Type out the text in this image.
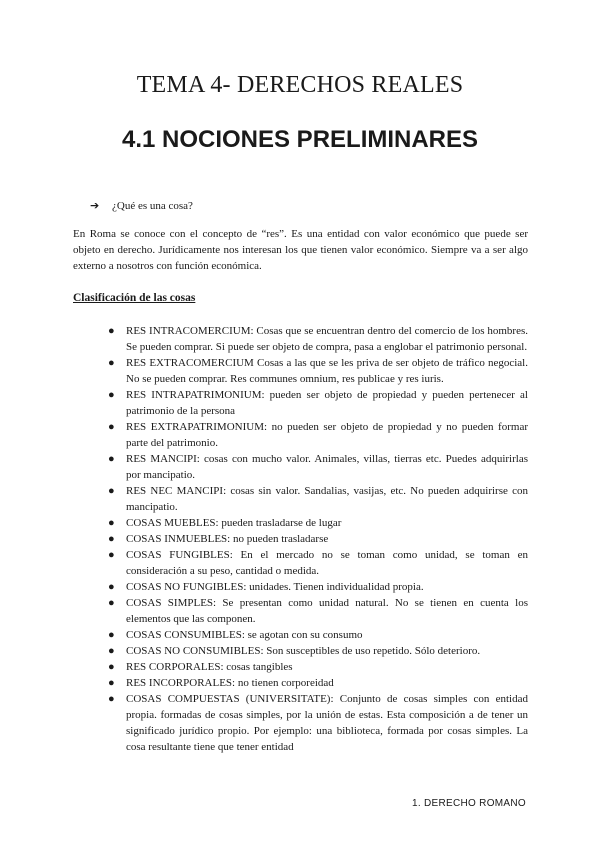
TEMA 4- DERECHOS REALES
4.1 NOCIONES PRELIMINARES
➔ ¿Qué es una cosa?
En Roma se conoce con el concepto de “res”. Es una entidad con valor económico que puede ser objeto en derecho. Jurídicamente nos interesan los que tienen valor económico. Siempre va a ser algo externo a nosotros con función económica.
Clasificación de las cosas
● RES INTRACOMERCIUM: Cosas que se encuentran dentro del comercio de los hombres. Se pueden comprar. Si puede ser objeto de compra, pasa a englobar el patrimonio personal.
● RES EXTRACOMERCIUM Cosas a las que se les priva de ser objeto de tráfico negocial. No se pueden comprar. Res communes omnium, res publicae y res iuris.
● RES INTRAPATRIMONIUM: pueden ser objeto de propiedad y pueden pertenecer al patrimonio de la persona
● RES EXTRAPATRIMONIUM: no pueden ser objeto de propiedad y no pueden formar parte del patrimonio.
● RES MANCIPI: cosas con mucho valor. Animales, villas, tierras etc. Puedes adquirirlas por mancipatio.
● RES NEC MANCIPI: cosas sin valor. Sandalias, vasijas, etc. No pueden adquirirse con mancipatio.
● COSAS MUEBLES: pueden trasladarse de lugar
● COSAS INMUEBLES: no pueden trasladarse
● COSAS FUNGIBLES: En el mercado no se toman como unidad, se toman en consideración a su peso, cantidad o medida.
● COSAS NO FUNGIBLES: unidades. Tienen individualidad propia.
● COSAS SIMPLES: Se presentan como unidad natural. No se tienen en cuenta los elementos que las componen.
● COSAS CONSUMIBLES: se agotan con su consumo
● COSAS NO CONSUMIBLES: Son susceptibles de uso repetido. Sólo deterioro.
● RES CORPORALES: cosas tangibles
● RES INCORPORALES: no tienen corporeidad
● COSAS COMPUESTAS (UNIVERSITATE): Conjunto de cosas simples con entidad propia. formadas de cosas simples, por la unión de estas. Esta composición a de tener un significado jurídico propio. Por ejemplo: una biblioteca, formada por cosas simples. La cosa resultante tiene que tener entidad
1. DERECHO ROMANO
